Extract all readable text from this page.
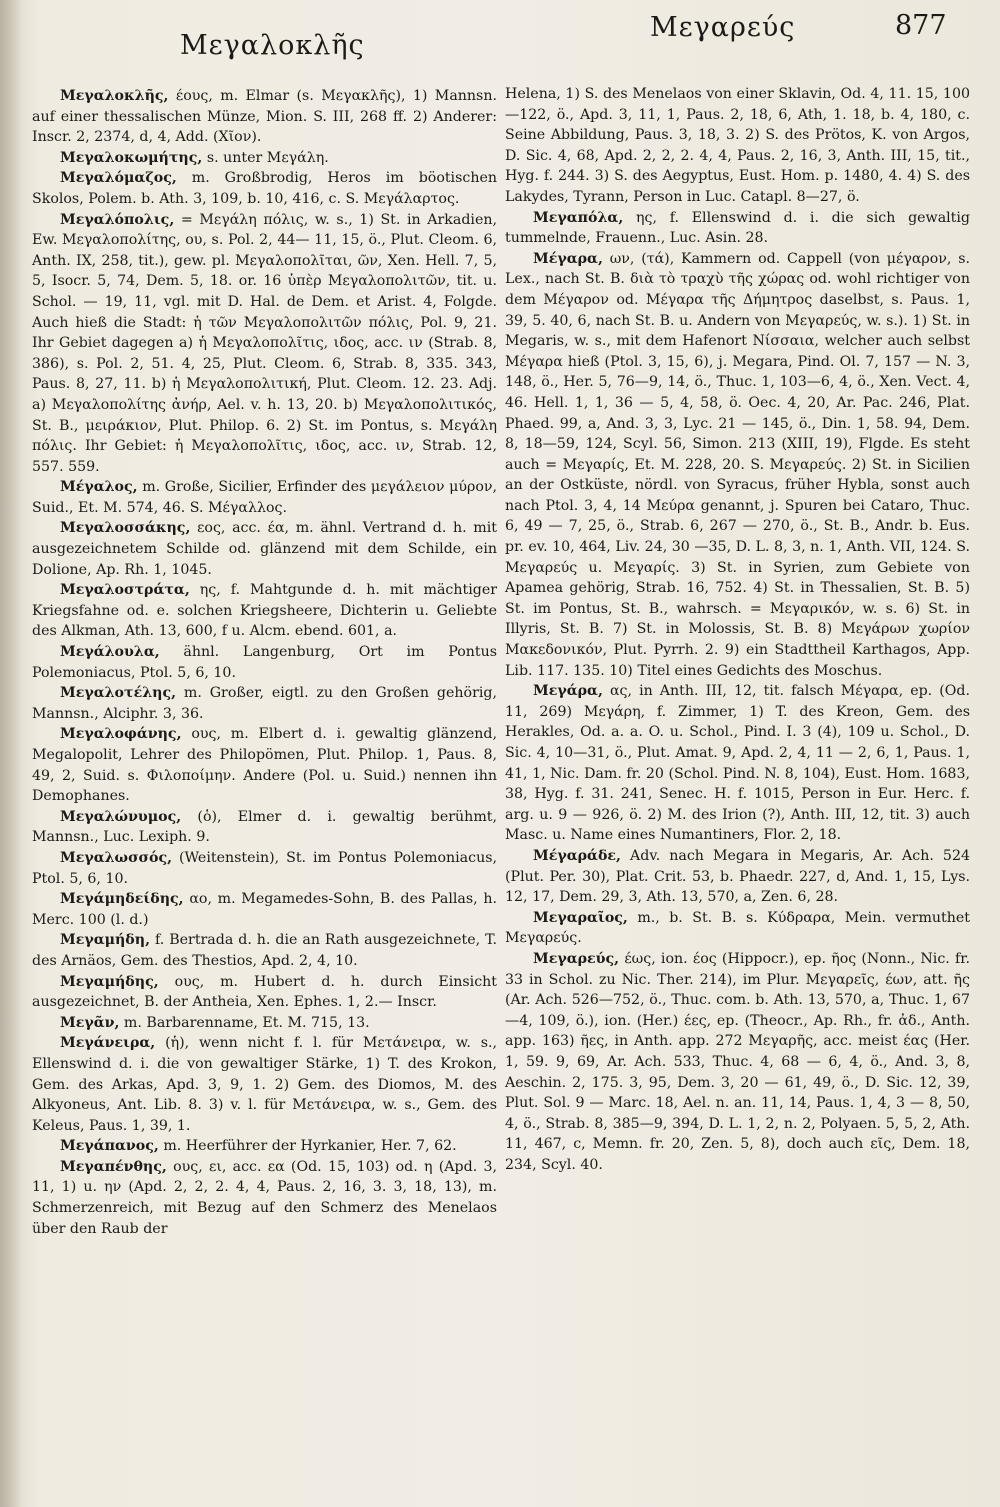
Μεγαλοκλῆς
Μεγαρεύς	877

Μεγαλοκλῆς, έους, m. Elmar (s. Μεγακλῆς), 1) Mannsn. auf einer thessalischen Münze, Mion. S. III, 268 ff. 2) Anderer: Inscr. 2, 2374, d, 4, Add. (Χῖον).

Μεγαλοκωμήτης, s. unter Μεγάλη.

Μεγαλόμαζος, m. Großbrodig, Heros im böotischen Skolos, Polem. b. Ath. 3, 109, b. 10, 416, c. S. Μεγάλαρτος.

Μεγαλόπολις, = Μεγάλη πόλις, w. s., 1) St. in Arkadien, Ew. Μεγαλοπολίτης, ου, s. Pol. 2, 44— 11, 15, ö., Plut. Cleom. 6, Anth. IX, 258, tit.), gew. pl. Μεγαλοπολῖται, ῶν, Xen. Hell. 7, 5, 5, Isocr. 5, 74, Dem. 5, 18. or. 16 ὑπὲρ Μεγαλοπολιτῶν, tit. u. Schol. — 19, 11, vgl. mit D. Hal. de Dem. et Arist. 4, Folgde. Auch hieß die Stadt: ἡ τῶν Μεγαλοπολιτῶν πόλις, Pol. 9, 21. Ihr Gebiet dagegen a) ἡ Μεγαλοπολῖτις, ιδος, acc. ιν (Strab. 8, 386), s. Pol. 2, 51. 4, 25, Plut. Cleom. 6, Strab. 8, 335. 343, Paus. 8, 27, 11. b) ἡ Μεγαλοπολιτική, Plut. Cleom. 12. 23. Adj. a) Μεγαλοπολίτης ἀνήρ, Ael. v. h. 13, 20. b) Μεγαλοπολιτικός, St. B., μειράκιον, Plut. Philop. 6. 2) St. im Pontus, s. Μεγάλη πόλις. Ihr Gebiet: ἡ Μεγαλοπολῖτις, ιδος, acc. ιν, Strab. 12, 557. 559.

Μέγαλος, m. Große, Sicilier, Erfinder des μεγάλειον μύρον, Suid., Et. M. 574, 46. S. Μέγαλλος.

Μεγαλοσσάκης, εος, acc. έα, m. ähnl. Vertrand d. h. mit ausgezeichnetem Schilde od. glänzend mit dem Schilde, ein Dolione, Ap. Rh. 1, 1045.

Μεγαλοστράτα, ης, f. Mahtgunde d. h. mit mächtiger Kriegsfahne od. e. solchen Kriegsheere, Dichterin u. Geliebte des Alkman, Ath. 13, 600, f u. Alcm. ebend. 601, a.

Μεγάλουλα, ähnl. Langenburg, Ort im Pontus Polemoniacus, Ptol. 5, 6, 10.

Μεγαλοτέλης, m. Großer, eigtl. zu den Großen gehörig, Mannsn., Alciphr. 3, 36.

Μεγαλοφάνης, ους, m. Elbert d. i. gewaltig glänzend, Megalopolit, Lehrer des Philopömen, Plut. Philop. 1, Paus. 8, 49, 2, Suid. s. Φιλοποίμην. Andere (Pol. u. Suid.) nennen ihn Demophanes.

Μεγαλώνυμος, (ὁ), Elmer d. i. gewaltig berühmt, Mannsn., Luc. Lexiph. 9.

Μεγαλωσσός, (Weitenstein), St. im Pontus Polemoniacus, Ptol. 5, 6, 10.

Μεγάμηδείδης, αο, m. Megamedes-Sohn, B. des Pallas, h. Merc. 100 (l. d.)

Μεγαμήδη, f. Bertrada d. h. die an Rath ausgezeichnete, T. des Arnäos, Gem. des Thestios, Apd. 2, 4, 10.

Μεγαμήδης, ους, m. Hubert d. h. durch Einsicht ausgezeichnet, B. der Antheia, Xen. Ephes. 1, 2.— Inscr.

Μεγᾶν, m. Barbarenname, Et. M. 715, 13.

Μεγάνειρα, (ἡ), wenn nicht f. l. für Μετάνειρα, w. s., Ellenswind d. i. die von gewaltiger Stärke, 1) T. des Krokon, Gem. des Arkas, Apd. 3, 9, 1. 2) Gem. des Diomos, M. des Alkyoneus, Ant. Lib. 8. 3) v. l. für Μετάνειρα, w. s., Gem. des Keleus, Paus. 1, 39, 1.

Μεγάπανος, m. Heerführer der Hyrkanier, Her. 7, 62.

Μεγαπένθης, ους, ει, acc. εα (Od. 15, 103) od. η (Apd. 3, 11, 1) u. ην (Apd. 2, 2, 2. 4, 4, Paus. 2, 16, 3. 3, 18, 13), m. Schmerzenreich, mit Bezug auf den Schmerz des Menelaos über den Raub der

Helena, 1) S. des Menelaos von einer Sklavin, Od. 4, 11. 15, 100—122, ö., Apd. 3, 11, 1, Paus. 2, 18, 6, Ath, 1. 18, b. 4, 180, c. Seine Abbildung, Paus. 3, 18, 3. 2) S. des Prötos, K. von Argos, D. Sic. 4, 68, Apd. 2, 2, 2. 4, 4, Paus. 2, 16, 3, Anth. III, 15, tit., Hyg. f. 244. 3) S. des Aegyptus, Eust. Hom. p. 1480, 4. 4) S. des Lakydes, Tyrann, Person in Luc. Catapl. 8—27, ö.

Μεγαπόλα, ης, f. Ellenswind d. i. die sich gewaltig tummelnde, Frauenn., Luc. Asin. 28.

Μέγαρα, ων, (τά), Kammern od. Cappell (von μέγαρον, s. Lex., nach St. B. διὰ τὸ τραχὺ τῆς χώρας od. wohl richtiger von dem Μέγαρον od. Μέγαρα τῆς Δήμητρος daselbst, s. Paus. 1, 39, 5. 40, 6, nach St. B. u. Andern von Μεγαρεύς, w. s.). 1) St. in Megaris, w. s., mit dem Hafenort Νίσσαια, welcher auch selbst Μέγαρα hieß (Ptol. 3, 15, 6), j. Megara, Pind. Ol. 7, 157 — N. 3, 148, ö., Her. 5, 76—9, 14, ö., Thuc. 1, 103—6, 4, ö., Xen. Vect. 4, 46. Hell. 1, 1, 36 — 5, 4, 58, ö. Oec. 4, 20, Ar. Pac. 246, Plat. Phaed. 99, a, And. 3, 3, Lyc. 21 — 145, ö., Din. 1, 58. 94, Dem. 8, 18—59, 124, Scyl. 56, Simon. 213 (XIII, 19), Flgde. Es steht auch = Μεγαρίς, Et. M. 228, 20. S. Μεγαρεύς. 2) St. in Sicilien an der Ostküste, nördl. von Syracus, früher Hybla, sonst auch nach Ptol. 3, 4, 14 Μεύρα genannt, j. Spuren bei Cataro, Thuc. 6, 49 — 7, 25, ö., Strab. 6, 267 — 270, ö., St. B., Andr. b. Eus. pr. ev. 10, 464, Liv. 24, 30 —35, D. L. 8, 3, n. 1, Anth. VII, 124. S. Μεγαρεύς u. Μεγαρίς. 3) St. in Syrien, zum Gebiete von Apamea gehörig, Strab. 16, 752. 4) St. in Thessalien, St. B. 5) St. im Pontus, St. B., wahrsch. = Μεγαρικόν, w. s. 6) St. in Illyris, St. B. 7) St. in Molossis, St. B. 8) Μεγάρων χωρίον Μακεδονικόν, Plut. Pyrrh. 2. 9) ein Stadttheil Karthagos, App. Lib. 117. 135. 10) Titel eines Gedichts des Moschus.

Μεγάρα, ας, in Anth. III, 12, tit. falsch Μέγαρα, ep. (Od. 11, 269) Μεγάρη, f. Zimmer, 1) T. des Kreon, Gem. des Herakles, Od. a. a. O. u. Schol., Pind. I. 3 (4), 109 u. Schol., D. Sic. 4, 10—31, ö., Plut. Amat. 9, Apd. 2, 4, 11 — 2, 6, 1, Paus. 1, 41, 1, Nic. Dam. fr. 20 (Schol. Pind. N. 8, 104), Eust. Hom. 1683, 38, Hyg. f. 31. 241, Senec. H. f. 1015, Person in Eur. Herc. f. arg. u. 9 — 926, ö. 2) M. des Irion (?), Anth. III, 12, tit. 3) auch Masc. u. Name eines Numantiners, Flor. 2, 18.

Μέγαράδε, Adv. nach Megara in Megaris, Ar. Ach. 524 (Plut. Per. 30), Plat. Crit. 53, b. Phaedr. 227, d, And. 1, 15, Lys. 12, 17, Dem. 29, 3, Ath. 13, 570, a, Zen. 6, 28.

Μεγαραῖος, m., b. St. B. s. Κύδραρα, Mein. vermuthet Μεγαρεύς.

Μεγαρεύς, έως, ion. έος (Hippocr.), ep. ῆος (Nonn., Nic. fr. 33 in Schol. zu Nic. Ther. 214), im Plur. Μεγαρεῖς, έων, att. ῆς (Ar. Ach. 526—752, ö., Thuc. com. b. Ath. 13, 570, a, Thuc. 1, 67—4, 109, ö.), ion. (Her.) έες, ep. (Theocr., Ap. Rh., fr. ἀδ., Anth. app. 163) ῆες, in Anth. app. 272 Μεγαρῆς, acc. meist έας (Her. 1, 59. 9, 69, Ar. Ach. 533, Thuc. 4, 68 — 6, 4, ö., And. 3, 8, Aeschin. 2, 175. 3, 95, Dem. 3, 20 — 61, 49, ö., D. Sic. 12, 39, Plut. Sol. 9 — Marc. 18, Ael. n. an. 11, 14, Paus. 1, 4, 3 — 8, 50, 4, ö., Strab. 8, 385—9, 394, D. L. 1, 2, n. 2, Polyaen. 5, 5, 2, Ath. 11, 467, c, Memn. fr. 20, Zen. 5, 8), doch auch εῖς, Dem. 18, 234, Scyl. 40.
